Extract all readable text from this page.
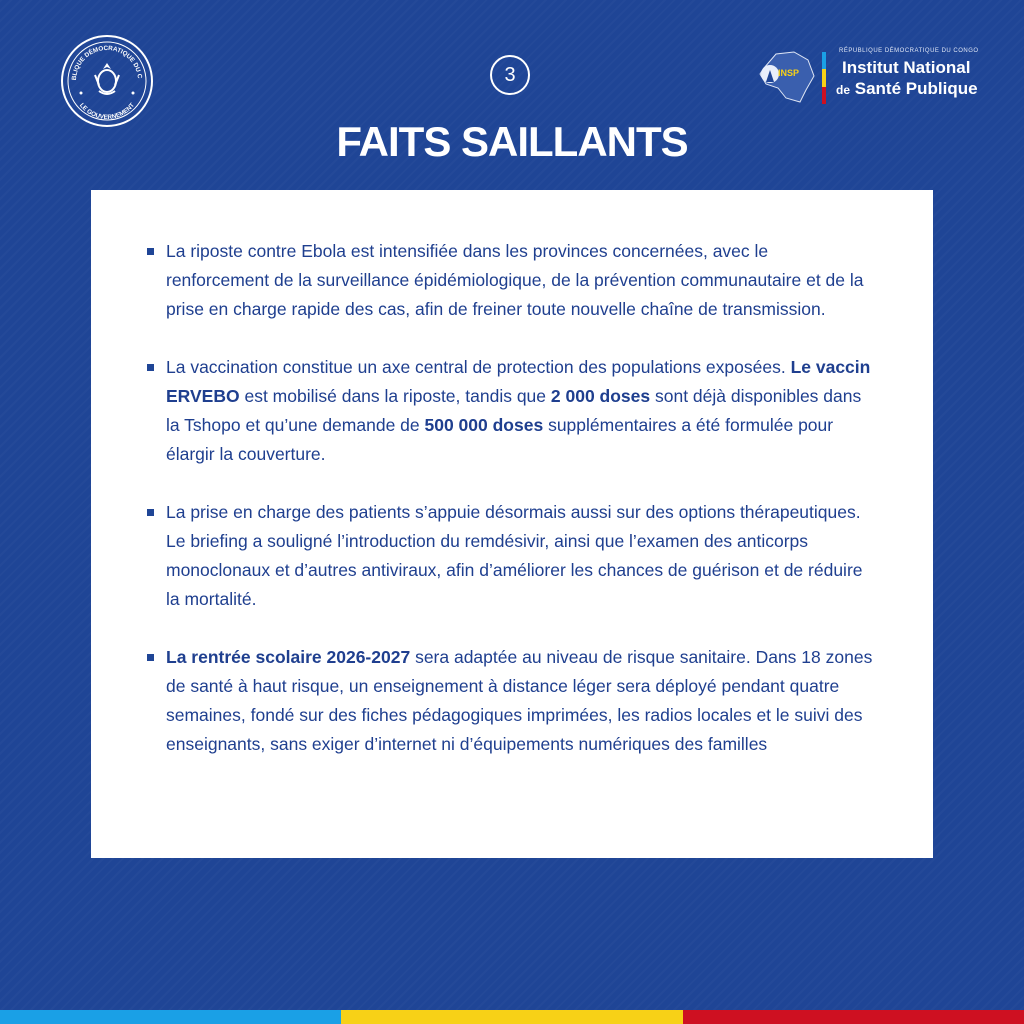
BLIQUE DÉMOCRATIQUE DU C
LE GOUVERNEMENT
3	INSP
RÉPUBLIQUE DÉMOCRATIQUE DU CONGO
Institut National
de Santé Publique
FAITS SAILLANTS
La riposte contre Ebola est intensifiée dans les provinces concernées, avec le renforcement de la surveillance épidémiologique, de la prévention communautaire et de la prise en charge rapide des cas, afin de freiner toute nouvelle chaîne de transmission.
La vaccination constitue un axe central de protection des populations exposées. Le vaccin ERVEBO est mobilisé dans la riposte, tandis que 2 000 doses sont déjà disponibles dans la Tshopo et qu’une demande de 500 000 doses supplémentaires a été formulée pour élargir la couverture.
La prise en charge des patients s’appuie désormais aussi sur des options thérapeutiques. Le briefing a souligné l’introduction du remdésivir, ainsi que l’examen des anticorps monoclonaux et d’autres antiviraux, afin d’améliorer les chances de guérison et de réduire la mortalité.
La rentrée scolaire 2026-2027 sera adaptée au niveau de risque sanitaire. Dans 18 zones de santé à haut risque, un enseignement à distance léger sera déployé pendant quatre semaines, fondé sur des fiches pédagogiques imprimées, les radios locales et le suivi des enseignants, sans exiger d’internet ni d’équipements numériques des familles
